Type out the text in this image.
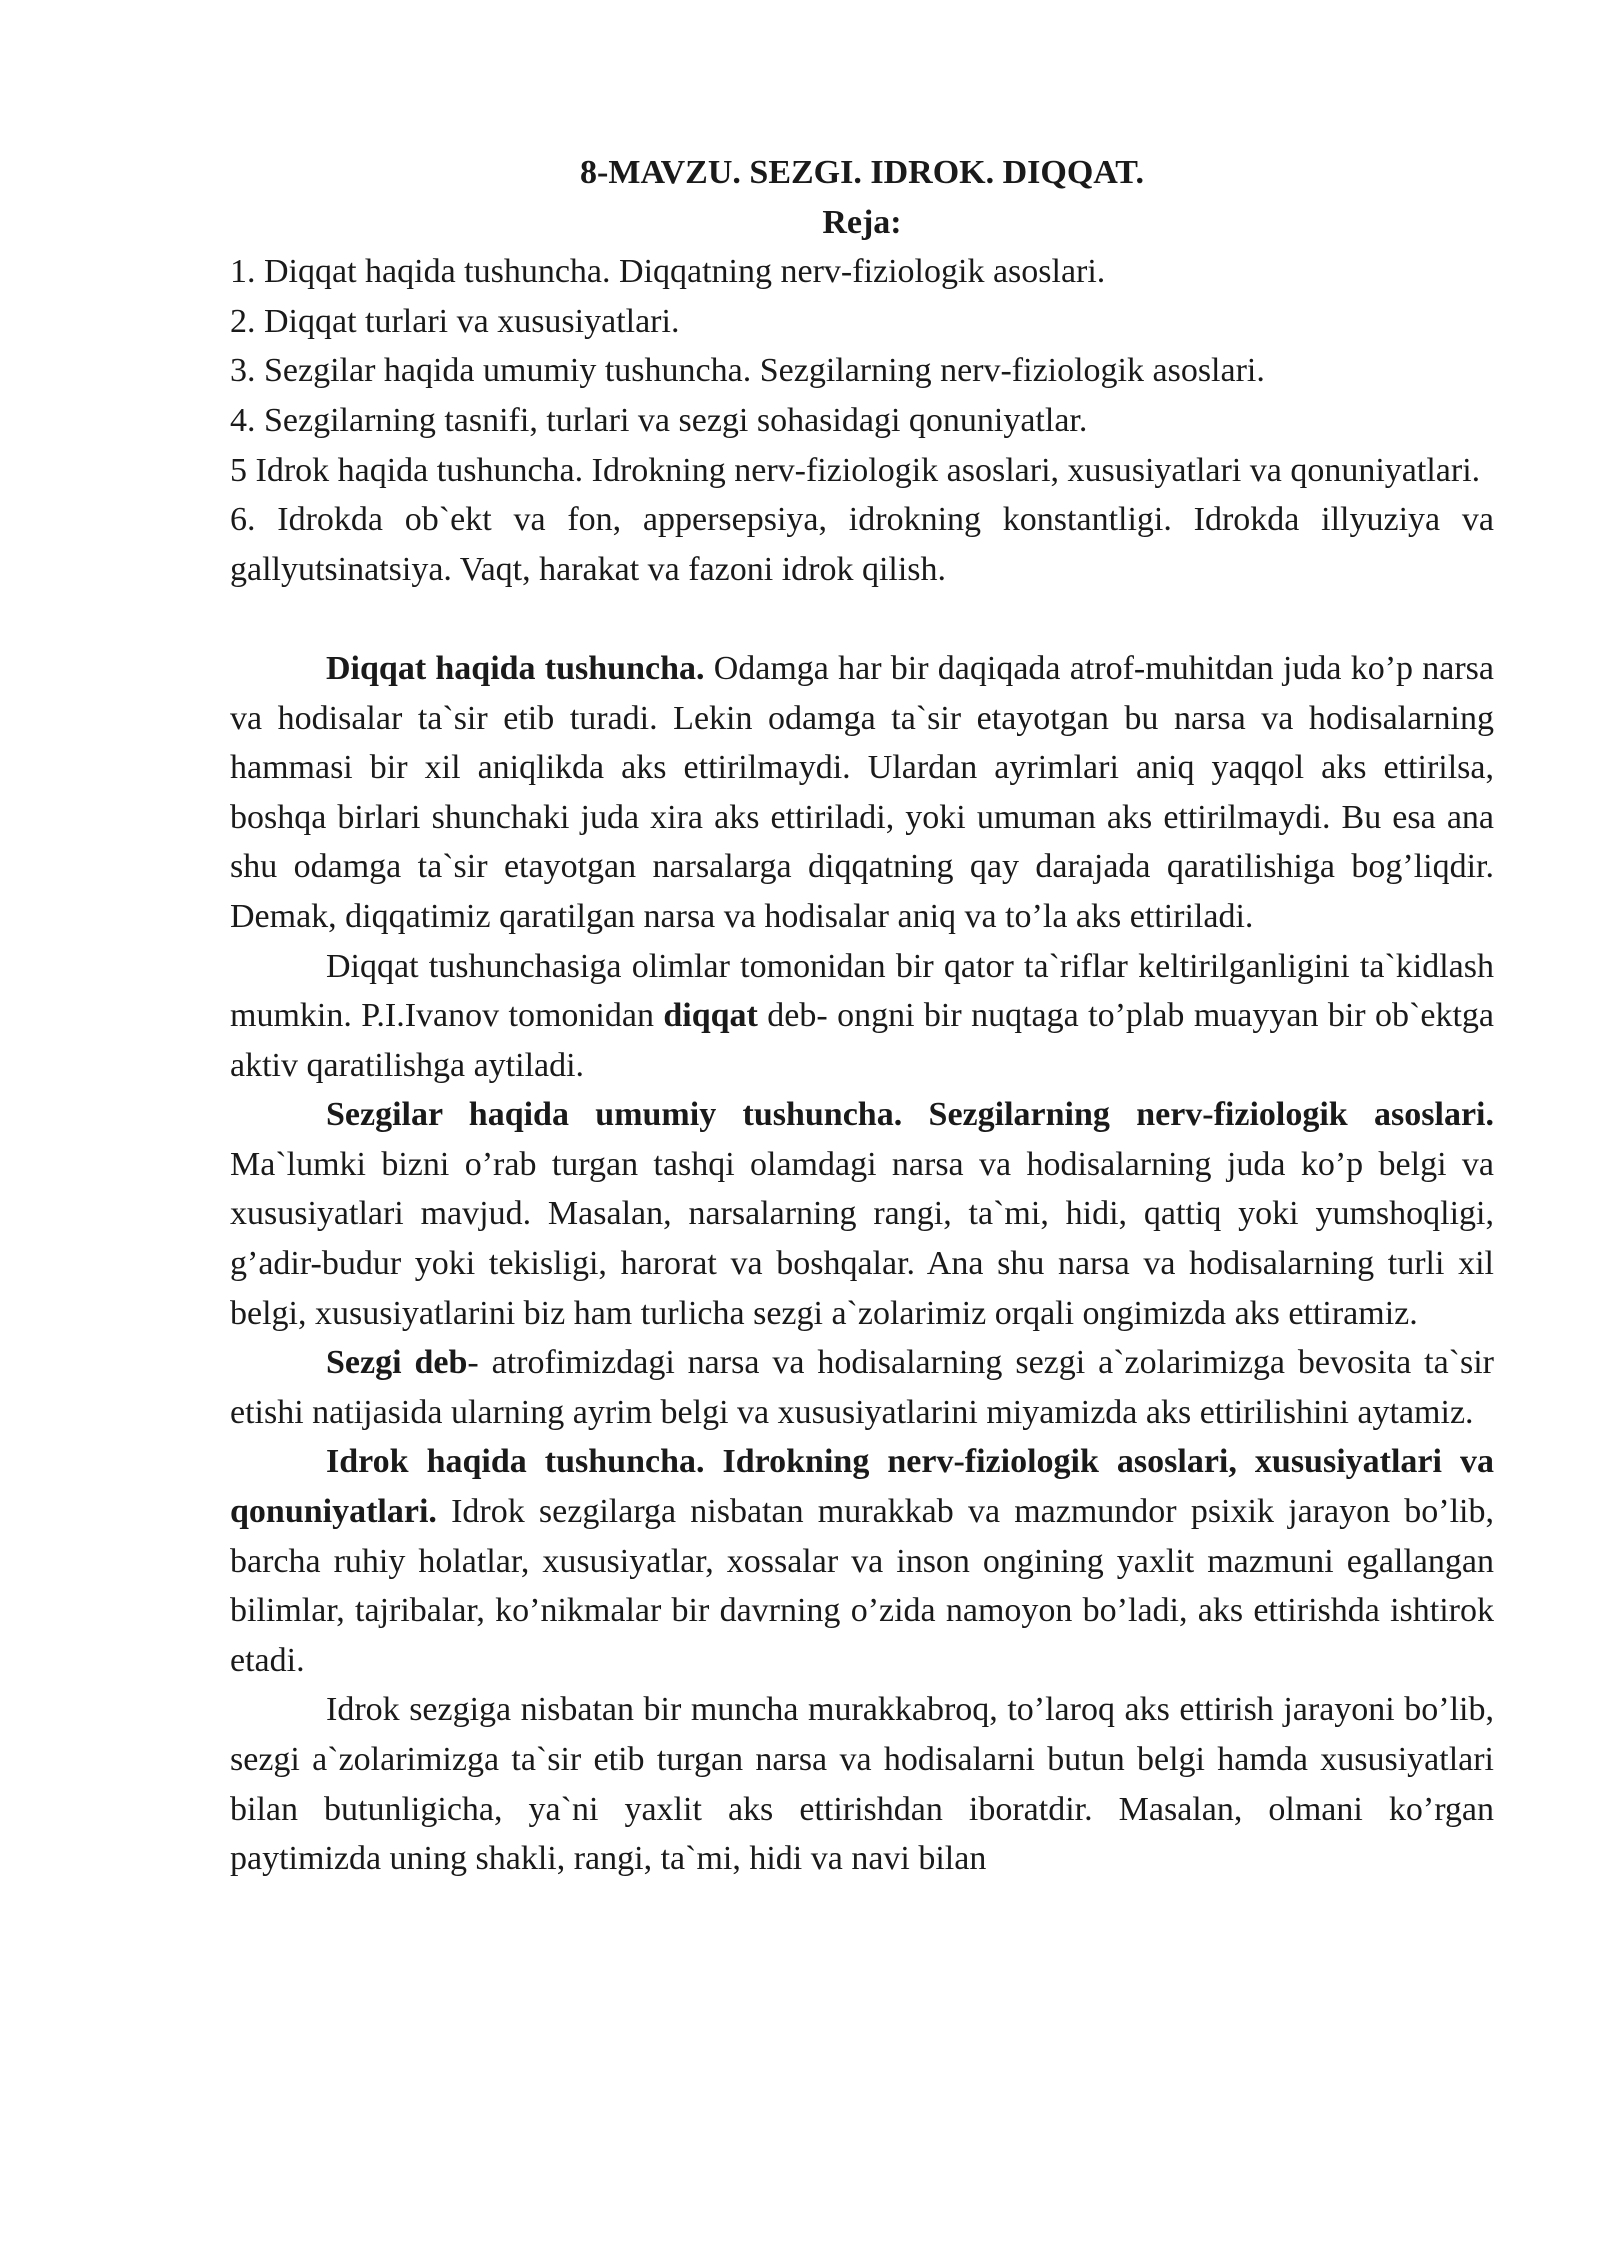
8-MAVZU. SEZGI. IDROK. DIQQAT.

Reja:

1. Diqqat haqida tushuncha. Diqqatning nerv-fiziologik asoslari.
2. Diqqat turlari va xususiyatlari.
3. Sezgilar haqida umumiy tushuncha. Sezgilarning nerv-fiziologik asoslari.
4. Sezgilarning tasnifi, turlari va sezgi sohasidagi qonuniyatlar.
5 Idrok haqida tushuncha. Idrokning nerv-fiziologik asoslari, xususiyatlari va qonuniyatlari.
6. Idrokda ob`ekt va fon, appersepsiya, idrokning konstantligi. Idrokda illyuziya va gallyutsinatsiya. Vaqt, harakat va fazoni idrok qilish.

Diqqat haqida tushuncha. Odamga har bir daqiqada atrof-muhitdan juda ko’p narsa va hodisalar ta`sir etib turadi. Lekin odamga ta`sir etayotgan bu narsa va hodisalarning hammasi bir xil aniqlikda aks ettirilmaydi. Ulardan ayrimlari aniq yaqqol aks ettirilsa, boshqa birlari shunchaki juda xira aks ettiriladi, yoki umuman aks ettirilmaydi. Bu esa ana shu odamga ta`sir etayotgan narsalarga diqqatning qay darajada qaratilishiga bog’liqdir. Demak, diqqatimiz qaratilgan narsa va hodisalar aniq va to’la aks ettiriladi.

Diqqat tushunchasiga olimlar tomonidan bir qator ta`riflar keltirilganligini ta`kidlash mumkin. P.I.Ivanov tomonidan diqqat deb- ongni bir nuqtaga to’plab muayyan bir ob`ektga aktiv qaratilishga aytiladi.

Sezgilar haqida umumiy tushuncha. Sezgilarning nerv-fiziologik asoslari. Ma`lumki bizni o’rab turgan tashqi olamdagi narsa va hodisalarning juda ko’p belgi va xususiyatlari mavjud. Masalan, narsalarning rangi, ta`mi, hidi, qattiq yoki yumshoqligi, g’adir-budur yoki tekisligi, harorat va boshqalar. Ana shu narsa va hodisalarning turli xil belgi, xususiyatlarini biz ham turlicha sezgi a`zolarimiz orqali ongimizda aks ettiramiz.

Sezgi deb- atrofimizdagi narsa va hodisalarning sezgi a`zolarimizga bevosita ta`sir etishi natijasida ularning ayrim belgi va xususiyatlarini miyamizda aks ettirilishini aytamiz.

Idrok haqida tushuncha. Idrokning nerv-fiziologik asoslari, xususiyatlari va qonuniyatlari. Idrok sezgilarga nisbatan murakkab va mazmundor psixik jarayon bo’lib, barcha ruhiy holatlar, xususiyatlar, xossalar va inson ongining yaxlit mazmuni egallangan bilimlar, tajribalar, ko’nikmalar bir davrning o’zida namoyon bo’ladi, aks ettirishda ishtirok etadi.

Idrok sezgiga nisbatan bir muncha murakkabroq, to’laroq aks ettirish jarayoni bo’lib, sezgi a`zolarimizga ta`sir etib turgan narsa va hodisalarni butun belgi hamda xususiyatlari bilan butunligicha, ya`ni yaxlit aks ettirishdan iboratdir. Masalan, olmani ko’rgan paytimizda uning shakli, rangi, ta`mi, hidi va navi bilan
